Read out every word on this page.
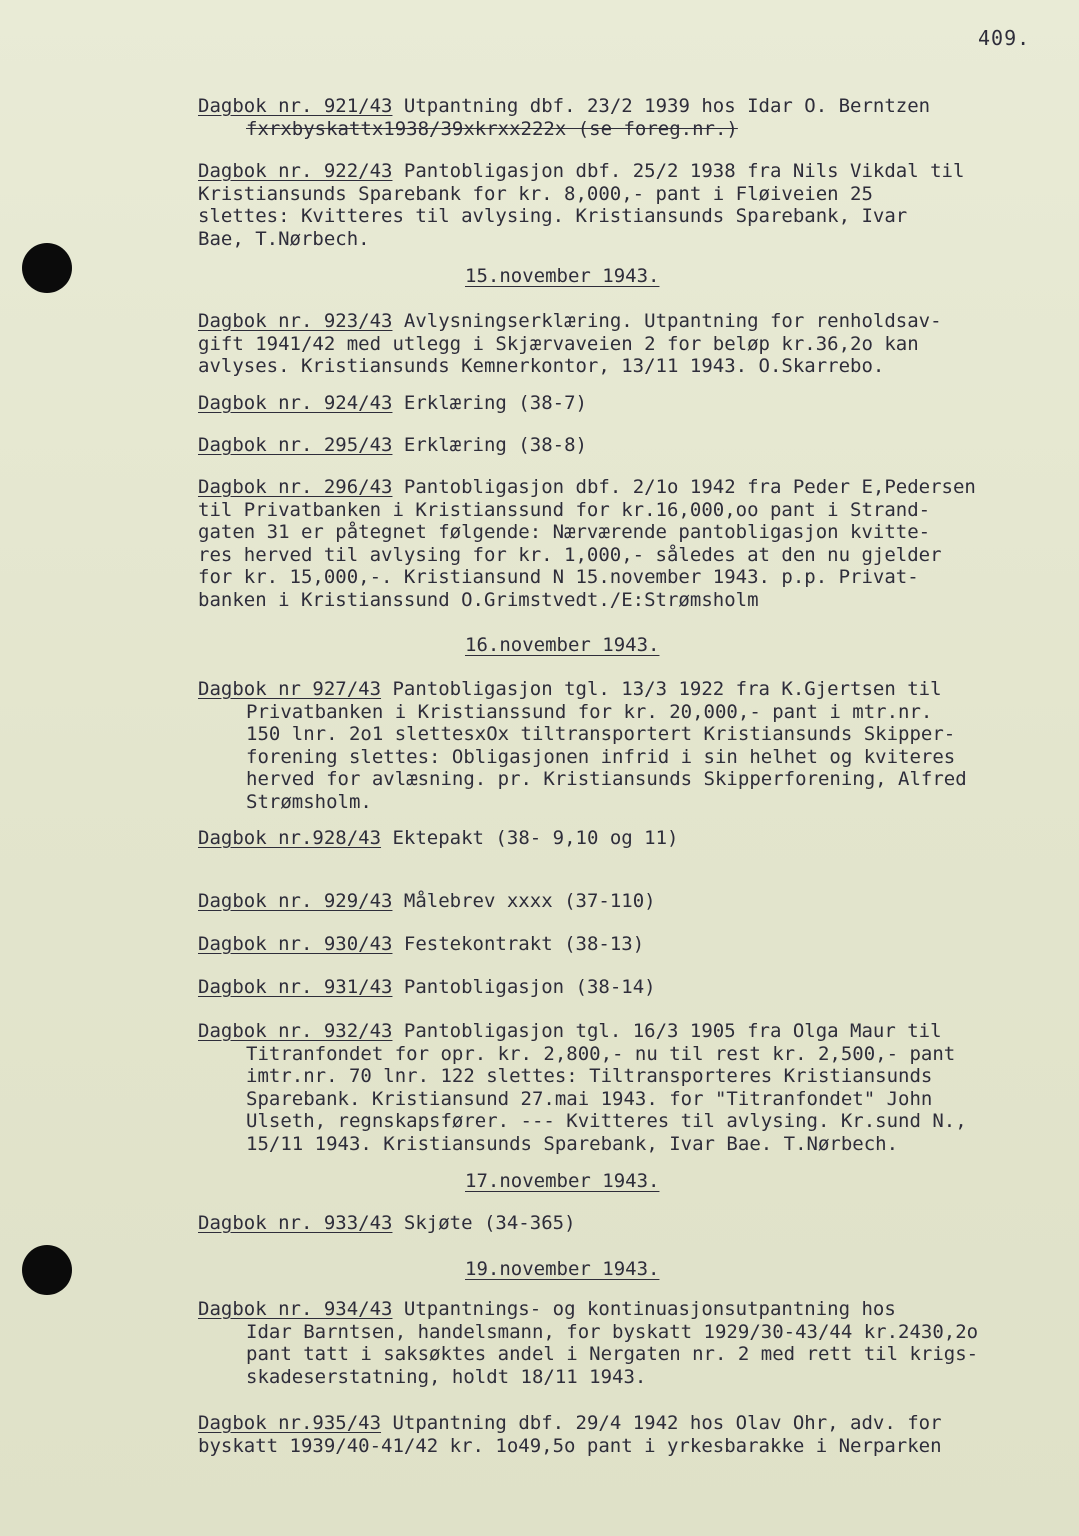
409.
Dagbok nr. 921/43 Utpantning dbf. 23/2 1939 hos Idar O. Berntzen
fxrxbyskattx1938/39xkrxx222x (se foreg.nr.)
Dagbok nr. 922/43 Pantobligasjon dbf. 25/2 1938 fra Nils Vikdal til
Kristiansunds Sparebank for kr. 8,000,- pant i Fløiveien 25
slettes: Kvitteres til avlysing. Kristiansunds Sparebank, Ivar
Bae, T.Nørbech.
15.november 1943.
Dagbok nr. 923/43 Avlysningserklæring. Utpantning for renholdsav-
gift 1941/42 med utlegg i Skjærvaveien 2 for beløp kr.36,2o kan
avlyses. Kristiansunds Kemnerkontor, 13/11 1943. O.Skarrebo.
Dagbok nr. 924/43 Erklæring (38-7)
Dagbok nr. 295/43 Erklæring (38-8)
Dagbok nr. 296/43 Pantobligasjon dbf. 2/1o 1942 fra Peder E,Pedersen
til Privatbanken i Kristianssund for kr.16,000,oo pant i Strand-
gaten 31 er påtegnet følgende: Nærværende pantobligasjon kvitte-
res herved til avlysing for kr. 1,000,- således at den nu gjelder
for kr. 15,000,-. Kristiansund N 15.november 1943. p.p. Privat-
banken i Kristianssund O.Grimstvedt./E:Strømsholm
16.november 1943.
Dagbok nr 927/43 Pantobligasjon tgl. 13/3 1922 fra K.Gjertsen til
Privatbanken i Kristianssund for kr. 20,000,- pant i mtr.nr.
150 lnr. 2o1 slettesxOx tiltransportert Kristiansunds Skipper-
forening slettes: Obligasjonen infrid i sin helhet og kviteres
herved for avlæsning. pr. Kristiansunds Skipperforening, Alfred
Strømsholm.
Dagbok nr.928/43 Ektepakt (38- 9,10 og 11)
Dagbok nr. 929/43 Målebrev xxxx (37-110)
Dagbok nr. 930/43 Festekontrakt (38-13)
Dagbok nr. 931/43 Pantobligasjon (38-14)
Dagbok nr. 932/43 Pantobligasjon tgl. 16/3 1905 fra Olga Maur til
Titranfondet for opr. kr. 2,800,- nu til rest kr. 2,500,- pant
imtr.nr. 70 lnr. 122 slettes: Tiltransporteres Kristiansunds
Sparebank. Kristiansund 27.mai 1943. for "Titranfondet" John
Ulseth, regnskapsfører. --- Kvitteres til avlysing. Kr.sund N.,
15/11 1943. Kristiansunds Sparebank, Ivar Bae. T.Nørbech.
17.november 1943.
Dagbok nr. 933/43 Skjøte (34-365)
19.november 1943.
Dagbok nr. 934/43 Utpantnings- og kontinuasjonsutpantning hos
Idar Barntsen, handelsmann, for byskatt 1929/30-43/44 kr.2430,2o
pant tatt i saksøktes andel i Nergaten nr. 2 med rett til krigs-
skadeserstatning, holdt 18/11 1943.
Dagbok nr.935/43 Utpantning dbf. 29/4 1942 hos Olav Ohr, adv. for
byskatt 1939/40-41/42 kr. 1o49,5o pant i yrkesbarakke i Nerparken
